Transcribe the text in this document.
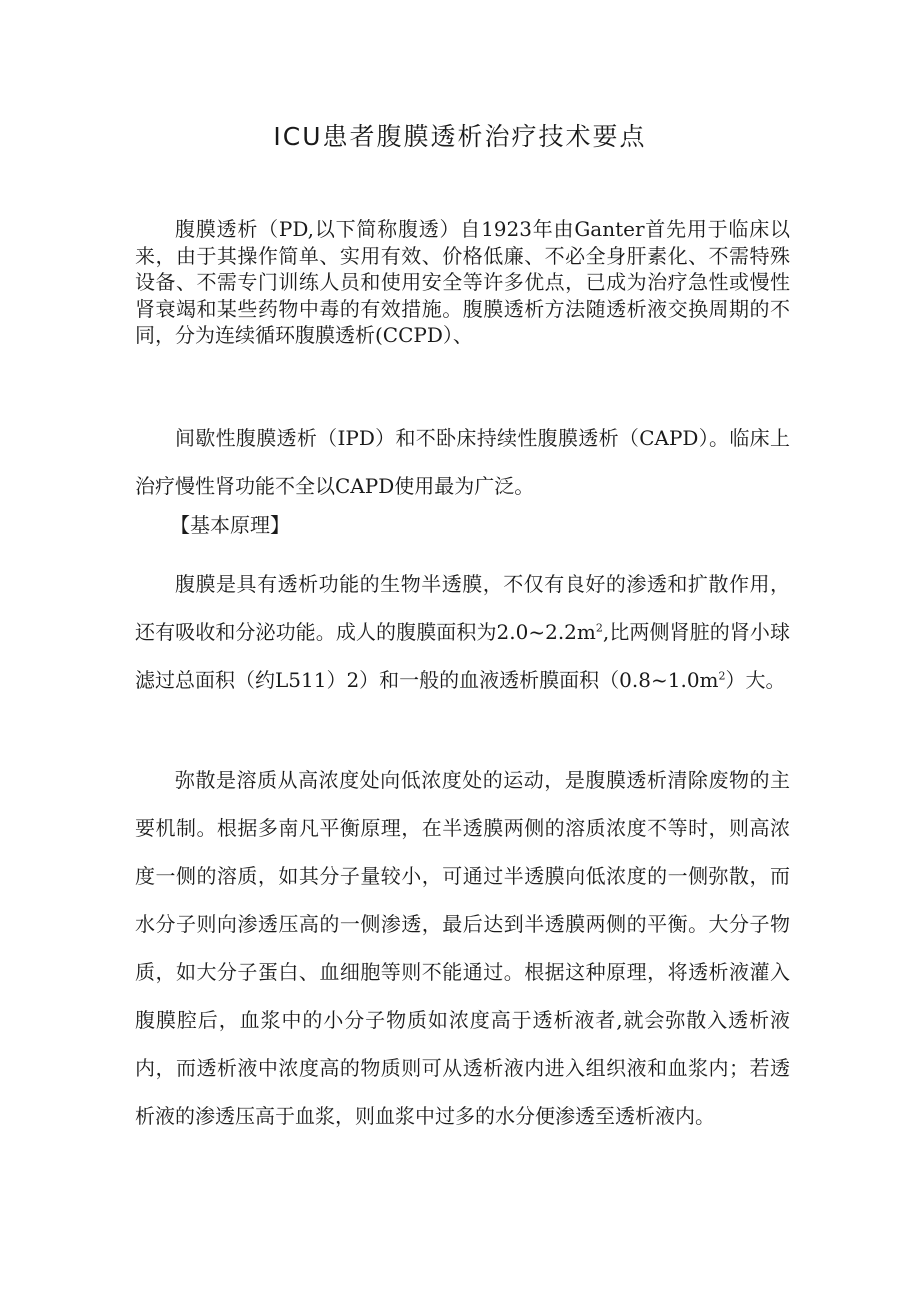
ICU患者腹膜透析治疗技术要点

腹膜透析（PD,以下简称腹透）自1923年由Ganter首先用于临床以来，由于其操作简单、实用有效、价格低廉、不必全身肝素化、不需特殊设备、不需专门训练人员和使用安全等许多优点，已成为治疗急性或慢性肾衰竭和某些药物中毒的有效措施。腹膜透析方法随透析液交换周期的不同，分为连续循环腹膜透析(CCPD）、

间歇性腹膜透析（IPD）和不卧床持续性腹膜透析（CAPD）。临床上治疗慢性肾功能不全以CAPD使用最为广泛。

【基本原理】

腹膜是具有透析功能的生物半透膜，不仅有良好的渗透和扩散作用，还有吸收和分泌功能。成人的腹膜面积为$2.0\sim 2.2m^2$,比两侧肾脏的肾小球滤过总面积（约L511）2）和一般的血液透析膜面积$(0.8\sim 1.0m^2)$大。

弥散是溶质从高浓度处向低浓度处的运动，是腹膜透析清除废物的主要机制。根据多南凡平衡原理，在半透膜两侧的溶质浓度不等时，则高浓度一侧的溶质，如其分子量较小，可通过半透膜向低浓度的一侧弥散，而水分子则向渗透压高的一侧渗透，最后达到半透膜两侧的平衡。大分子物质，如大分子蛋白、血细胞等则不能通过。根据这种原理，将透析液灌入腹膜腔后，血浆中的小分子物质如浓度高于透析液者,就会弥散入透析液内，而透析液中浓度高的物质则可从透析液内进入组织液和血浆内；若透析液的渗透压高于血浆，则血浆中过多的水分便渗透至透析液内。
